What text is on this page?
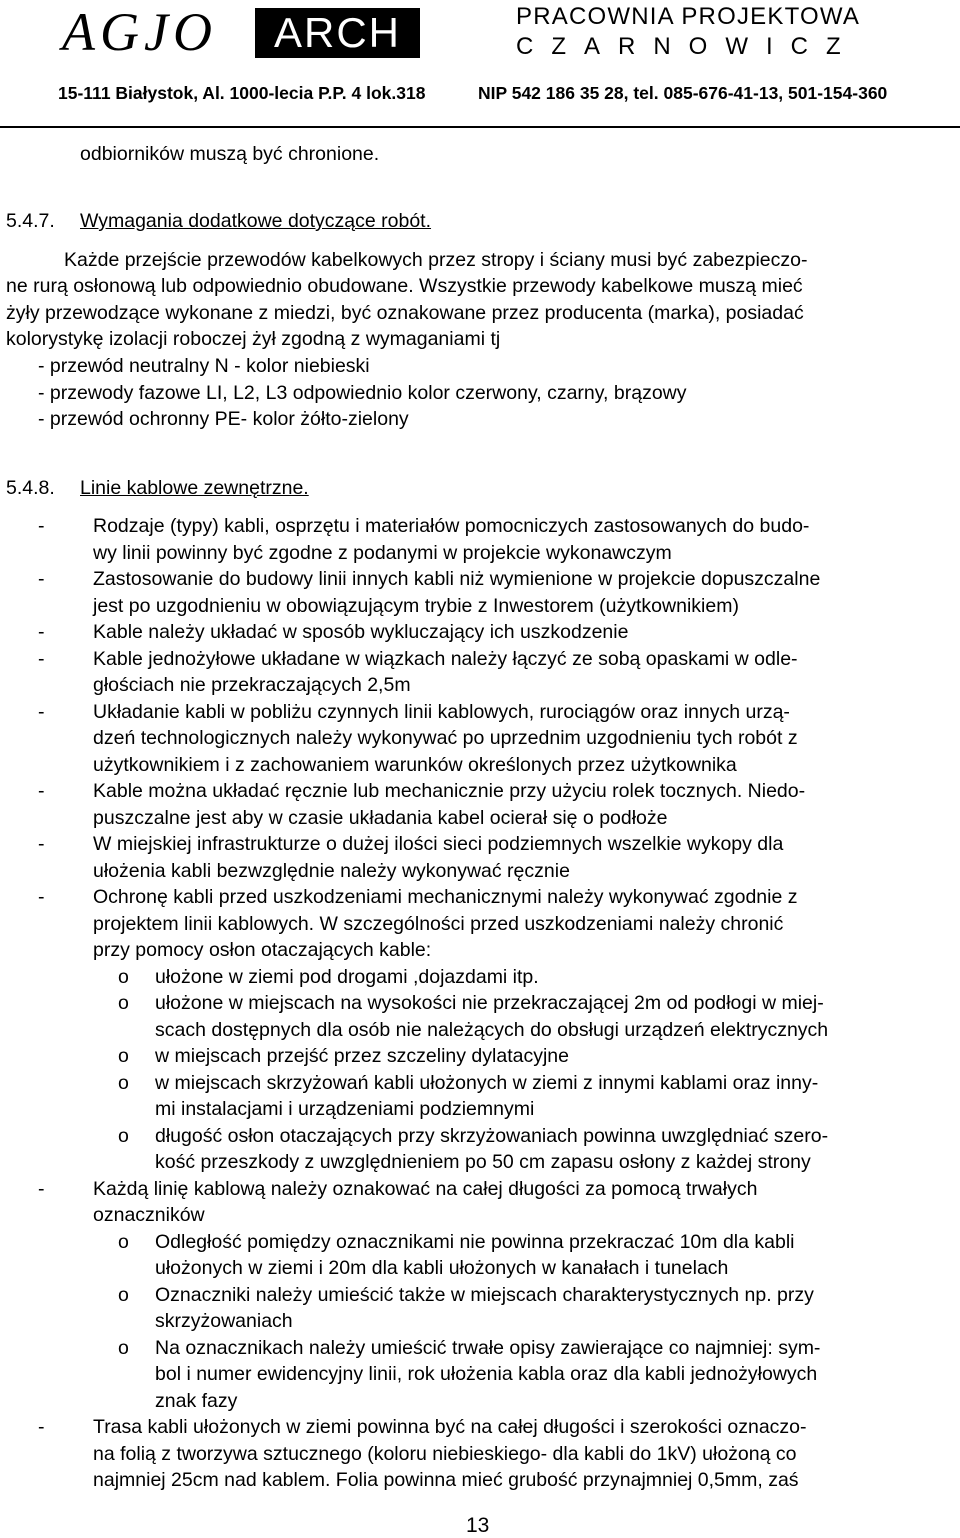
AGJO	ARCH	PRACOWNIA PROJEKTOWA
CZARNOWICZ
15-111 Białystok, Al. 1000-lecia P.P. 4 lok.318	NIP 542 186 35 28, tel. 085-676-41-13, 501-154-360
odbiorników muszą być chronione.
5.4.7. Wymagania dodatkowe dotyczące robót.
Każde przejście przewodów kabelkowych przez stropy i ściany musi być zabezpieczo-
ne rurą osłonową lub odpowiednio obudowane. Wszystkie przewody kabelkowe muszą mieć
żyły przewodzące wykonane z miedzi, być oznakowane przez producenta (marka), posiadać
kolorystykę izolacji roboczej żył zgodną z wymaganiami tj
- przewód neutralny N - kolor niebieski
- przewody fazowe LI, L2, L3 odpowiednio kolor czerwony, czarny, brązowy
- przewód ochronny PE- kolor żółto-zielony
5.4.8. Linie kablowe zewnętrzne.
- Rodzaje (typy) kabli, osprzętu i materiałów pomocniczych zastosowanych do budo-
wy linii powinny być zgodne z podanymi w projekcie wykonawczym
- Zastosowanie do budowy linii innych kabli niż wymienione w projekcie dopuszczalne
jest po uzgodnieniu w obowiązującym trybie z Inwestorem (użytkownikiem)
- Kable należy układać w sposób wykluczający ich uszkodzenie
- Kable jednożyłowe układane w wiązkach należy łączyć ze sobą opaskami w odle-
głościach nie przekraczających 2,5m
- Układanie kabli w pobliżu czynnych linii kablowych, rurociągów oraz innych urzą-
dzeń technologicznych należy wykonywać po uprzednim uzgodnieniu tych robót z
użytkownikiem i z zachowaniem warunków określonych przez użytkownika
- Kable można układać ręcznie lub mechanicznie przy użyciu rolek tocznych. Niedo-
puszczalne jest aby w czasie układania kabel ocierał się o podłoże
- W miejskiej infrastrukturze o dużej ilości sieci podziemnych wszelkie wykopy dla
ułożenia kabli bezwzględnie należy wykonywać ręcznie
- Ochronę kabli przed uszkodzeniami mechanicznymi należy wykonywać zgodnie z
projektem linii kablowych. W szczególności przed uszkodzeniami należy chronić
przy pomocy osłon otaczających kable:
o ułożone w ziemi pod drogami ,dojazdami itp.
o ułożone w miejscach na wysokości nie przekraczającej 2m od podłogi w miej-
scach dostępnych dla osób nie należących do obsługi urządzeń elektrycznych
o w miejscach przejść przez szczeliny dylatacyjne
o w miejscach skrzyżowań kabli ułożonych w ziemi z innymi kablami oraz inny-
mi instalacjami i urządzeniami podziemnymi
o długość osłon otaczających przy skrzyżowaniach powinna uwzględniać szero-
kość przeszkody z uwzględnieniem po 50 cm zapasu osłony z każdej strony
- Każdą linię kablową należy oznakować na całej długości za pomocą trwałych
oznaczników
o Odległość pomiędzy oznacznikami nie powinna przekraczać 10m dla kabli
ułożonych w ziemi i 20m dla kabli ułożonych w kanałach i tunelach
o Oznaczniki należy umieścić także w miejscach charakterystycznych np. przy
skrzyżowaniach
o Na oznacznikach należy umieścić trwałe opisy zawierające co najmniej: sym-
bol i numer ewidencyjny linii, rok ułożenia kabla oraz dla kabli jednożyłowych
znak fazy
- Trasa kabli ułożonych w ziemi powinna być na całej długości i szerokości oznaczo-
na folią z tworzywa sztucznego (koloru niebieskiego- dla kabli do 1kV) ułożoną co
najmniej 25cm nad kablem. Folia powinna mieć grubość przynajmniej 0,5mm, zaś
13
